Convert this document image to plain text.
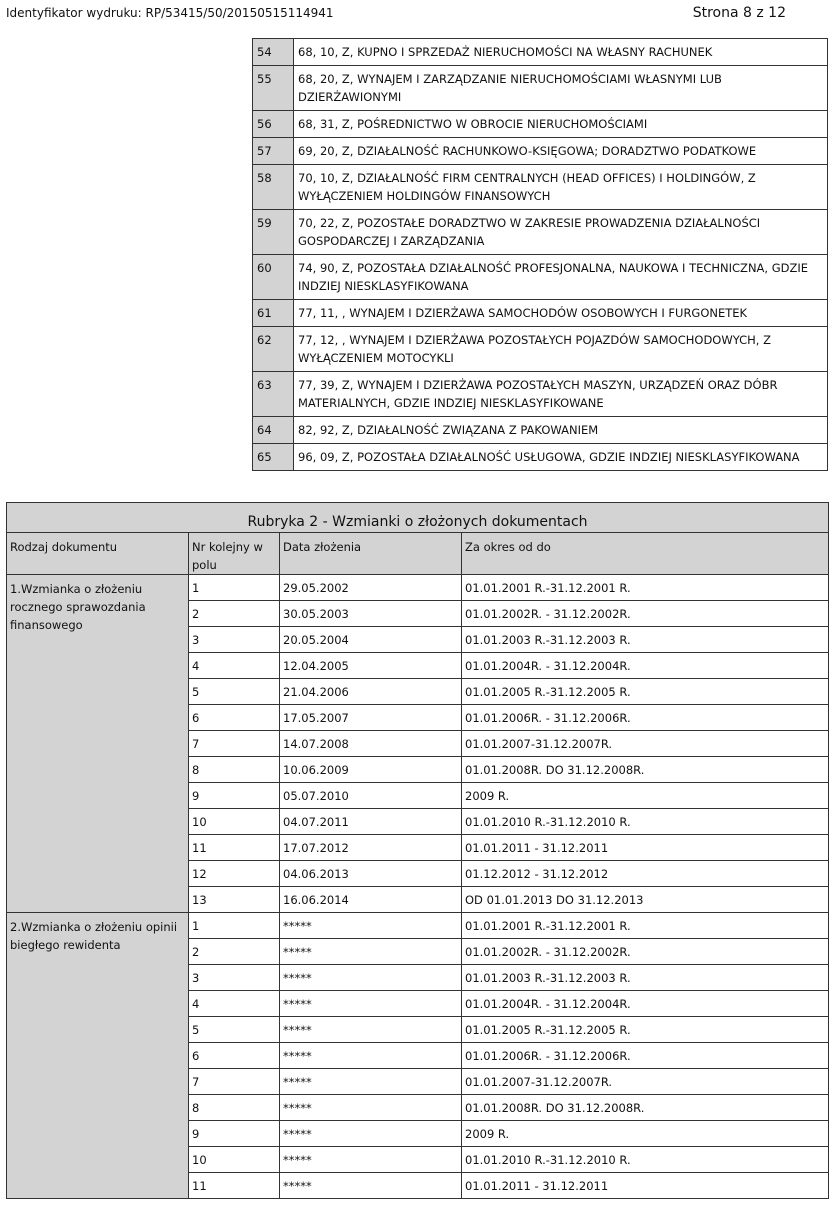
Identyfikator wydruku: RP/53415/50/20150515114941	Strona 8 z 12
54	68, 10, Z, KUPNO I SPRZEDAŻ NIERUCHOMOŚCI NA WŁASNY RACHUNEK
55	68, 20, Z, WYNAJEM I ZARZĄDZANIE NIERUCHOMOŚCIAMI WŁASNYMI LUB DZIERŻAWIONYMI
56	68, 31, Z, POŚREDNICTWO W OBROCIE NIERUCHOMOŚCIAMI
57	69, 20, Z, DZIAŁALNOŚĆ RACHUNKOWO-KSIĘGOWA; DORADZTWO PODATKOWE
58	70, 10, Z, DZIAŁALNOŚĆ FIRM CENTRALNYCH (HEAD OFFICES) I HOLDINGÓW, Z WYŁĄCZENIEM HOLDINGÓW FINANSOWYCH
59	70, 22, Z, POZOSTAŁE DORADZTWO W ZAKRESIE PROWADZENIA DZIAŁALNOŚCI GOSPODARCZEJ I ZARZĄDZANIA
60	74, 90, Z, POZOSTAŁA DZIAŁALNOŚĆ PROFESJONALNA, NAUKOWA I TECHNICZNA, GDZIE INDZIEJ NIESKLASYFIKOWANA
61	77, 11, , WYNAJEM I DZIERŻAWA SAMOCHODÓW OSOBOWYCH I FURGONETEK
62	77, 12, , WYNAJEM I DZIERŻAWA POZOSTAŁYCH POJAZDÓW SAMOCHODOWYCH, Z WYŁĄCZENIEM MOTOCYKLI
63	77, 39, Z, WYNAJEM I DZIERŻAWA POZOSTAŁYCH MASZYN, URZĄDZEŃ ORAZ DÓBR MATERIALNYCH, GDZIE INDZIEJ NIESKLASYFIKOWANE
64	82, 92, Z, DZIAŁALNOŚĆ ZWIĄZANA Z PAKOWANIEM
65	96, 09, Z, POZOSTAŁA DZIAŁALNOŚĆ USŁUGOWA, GDZIE INDZIEJ NIESKLASYFIKOWANA
Rubryka 2 - Wzmianki o złożonych dokumentach			
Rodzaj dokumentu	Nr kolejny w polu	Data złożenia	Za okres od do
1.Wzmianka o złożeniu rocznego sprawozdania finansowego	1	29.05.2002	01.01.2001 R.-31.12.2001 R.
	2	30.05.2003	01.01.2002R. - 31.12.2002R.
	3	20.05.2004	01.01.2003 R.-31.12.2003 R.
	4	12.04.2005	01.01.2004R. - 31.12.2004R.
	5	21.04.2006	01.01.2005 R.-31.12.2005 R.
	6	17.05.2007	01.01.2006R. - 31.12.2006R.
	7	14.07.2008	01.01.2007-31.12.2007R.
	8	10.06.2009	01.01.2008R. DO 31.12.2008R.
	9	05.07.2010	2009 R.
	10	04.07.2011	01.01.2010 R.-31.12.2010 R.
	11	17.07.2012	01.01.2011 - 31.12.2011
	12	04.06.2013	01.12.2012 - 31.12.2012
	13	16.06.2014	OD 01.01.2013 DO 31.12.2013
2.Wzmianka o złożeniu opinii biegłego rewidenta	1	*****	01.01.2001 R.-31.12.2001 R.
	2	*****	01.01.2002R. - 31.12.2002R.
	3	*****	01.01.2003 R.-31.12.2003 R.
	4	*****	01.01.2004R. - 31.12.2004R.
	5	*****	01.01.2005 R.-31.12.2005 R.
	6	*****	01.01.2006R. - 31.12.2006R.
	7	*****	01.01.2007-31.12.2007R.
	8	*****	01.01.2008R. DO 31.12.2008R.
	9	*****	2009 R.
	10	*****	01.01.2010 R.-31.12.2010 R.
	11	*****	01.01.2011 - 31.12.2011
